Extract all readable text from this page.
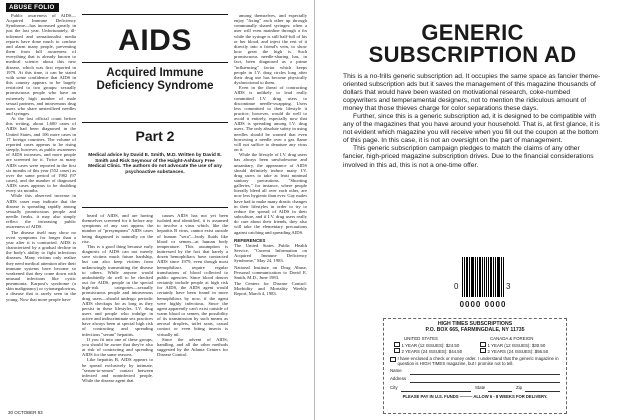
ABUSE FOLIO

Public awareness of AIDS—Acquired Immune Deficiency Syndrome—has increased greatly in just the last year. Unfortunately, ill-informed and sensationalist media reports have done much to confuse and alarm many people, preventing them from full awareness of everything that is already known to medical science about this new disease, which was first reported in 1979. At this time, it can be stated with some confidence that AIDS in this country appears to be largely restricted to two groups: sexually promiscuous people who have an extremely high number of male sexual partners, and intravenous drug users who share unsterilized needles and syringes.

At the last official count before this writing, about 1,600 cases of AIDS had been diagnosed in the United States, and 106 more cases in 17 foreign countries. The volume of reported cases appears to be rising steeply, however, as public awareness of AIDS increases, and more people are screened for it. Twice as many AIDS cases were reported in the first six months of this year (552 cases) as over the same period of 1982 (97 cases), and the number of diagnosed AIDS cases appears to be doubling every six months.

While this observed increase in AIDS cases may indicate that the disease is spreading rapidly among sexually promiscuous people and needle freaks, it may also simply reflect the increasing public awareness of AIDS.

The disease itself may show no overt symptoms for longer than a year after it is contracted. AIDS is characterized by a gradual decline in the body's ability to fight infectious diseases. Many victims only realize they need medical attention after their immune systems have become so weakened that they come down with unusual infections like cystic pneumonia, Karposi's syndrome (a skin malignancy) or cytomegalovirus, a disease that is rarely seen in the young. Now that more people have

AIDS
Acquired Immune Deficiency Syndrome
Part 2
Medical advice by David E. Smith, M.D. Written by David E. Smith and Rick Seymour of the Haight-Ashbury Free Medical Clinic. The authors do not advocate the use of any psychoactive substances.

heard of AIDS, and are having themselves screened for it before any symptoms of any sort appear, the number of "presymptom" AIDS cases being diagnosed is naturally on the rise.

This is a good thing because early diagnosis of AIDS can not merely save victims much future hardship, but can also keep victims from unknowingly transmitting the disease to others. While anyone would undoubtedly do well to be checked out for AIDS, people in the special high-risk categories—sexually promiscuous people and intravenous drug users—should undergo periodic AIDS checkups for as long as they persist in these lifestyles. I.V. drug users and people who indulge in active and indiscriminate sex practices have always been at special high risk of contracting and spreading infectious "serum" hepatitis.

If you fit into one of these groups, you should be aware that they're also at risk of contracting and spreading AIDS for the same reasons.

Like hepatitis B, AIDS appears to be spread exclusively by intimate, "serum-to-serum" contact between infected and noninfected people. While the disease agent that

causes AIDS has not yet been isolated and identified, it is assumed to involve a virus which, like the hepatitis B virus, cannot exist outside of human "sera"—body fluids like blood or semen—at human body temperature. This assumption is buttressed by the fact that barely a dozen hemophiliacs have contracted AIDS since 1979, even though most hemophiliacs require regular transfusions of blood collected to public agencies. Since blood donors certainly include people at high risk for AIDS, the AIDS agent would certainly have been found in more hemophiliacs by now, if the agent were highly infectious. Since the agent apparently can't exist outside of warm blood or semen, the possibility of its transmission by such means as aerosol droplets, toilet seats, casual contact or even biting insects is virtually nil.

Since the advent of AIDS, handling, and all the other methods suggested by the Atlanta Centers for Disease Control.

among themselves, and especially enjoy "fixing" each other up through communally shared syringes; often a user will even mainline through a fix while the syringe is still half-full of his or her blood, and inject the rest of it directly into a friend's vein, to show how great the high is. Such promiscuous needle-sharing has, in fact, been diagnosed as a prime "influencing" factor which keeps people in I.V. drug circles long after their drug use has become physically dysfunctional to them.

Even in the threat of contracting AIDS is unlikely to lead really committed I.V. drug users to discontinue needle-swapping. Users less committed to their lifestyle it practice, however, would do well to avoid it entirely, especially now that AIDS is spreading among I.V. drug users. The only absolute safety in using needles should be warned that even borrowing a needle over a gas flame will not suffice to denature any virus on it.

While the lifestyle of I.V. drug users has always been unwholesome and unsanitary, the appearance of AIDS should definitely induce many I.V. drug users to take at least minimal sanitary precautions. "Shooting galleries," for instance, where people literally bleed all over each other, are now less hygienic than ever. Gay males have had to make many drastic changes in their lifestyles in order to try to reduce the spread of AIDS in their subculture, and if I.V. drug users really do care about their friends, they also will take the elementary precautions against catching and spreading AIDS.

REFERENCES

The United States Public Health Service, "Current Information on Acquired Immune Deficiency Syndrome," May 24, 1983.

National Institute on Drug Abuse, Personal communication to David E. Smith, M.D., June 1983.

The Centers for Disease Control: Morbidity and Mortality Weekly Report, March 4, 1983.

30 OCTOBER 83
GENERIC
SUBSCRIPTION AD

This is a no-frills generic subscription ad. It occupies the same space as fancier theme-oriented subscription ads but it saves the management of this magazine thousands of dollars that would have been wasted on motivational research, coke-numbed copywriters and temperamental designers, not to mention the ridiculous amount of money that those thieves charge for color separations these days.

Further, since this is a generic subscription ad, it is designed to be compatible with any of the magazines that you have around your household. That is, at first glance, it is not evident which magazine you will receive when you fill out the coupon at the bottom of this page. In this case, it is not an oversight on the part of management.

This generic subscription campaign pledges to match the claims of any other fancier, high-priced magazine subscription drives. Due to the financial considerations involved in this ad, this is not a one-time offer.

0	3
0000 0000
HIGH TIMES SUBSCRIPTIONS
P.O. BOX 665, FARMINGDALE, NY 11735
UNITED STATES	CANADA & FOREIGN
1 YEAR (12 ISSUES): $24.50	1 YEAR (12 ISSUES): $30.50
2 YEARS (24 ISSUES): $44.50	2 YEARS (24 ISSUES): $56.50
I have enclosed a check or money order. I understand that the generic magazine in question is HIGH TIMES magazine, but I promise not to tell.
Name
Address
City	State	Zip
PLEASE PAY IN U.S. FUNDS ——— ALLOW 6 - 8 WEEKS FOR DELIVERY.
